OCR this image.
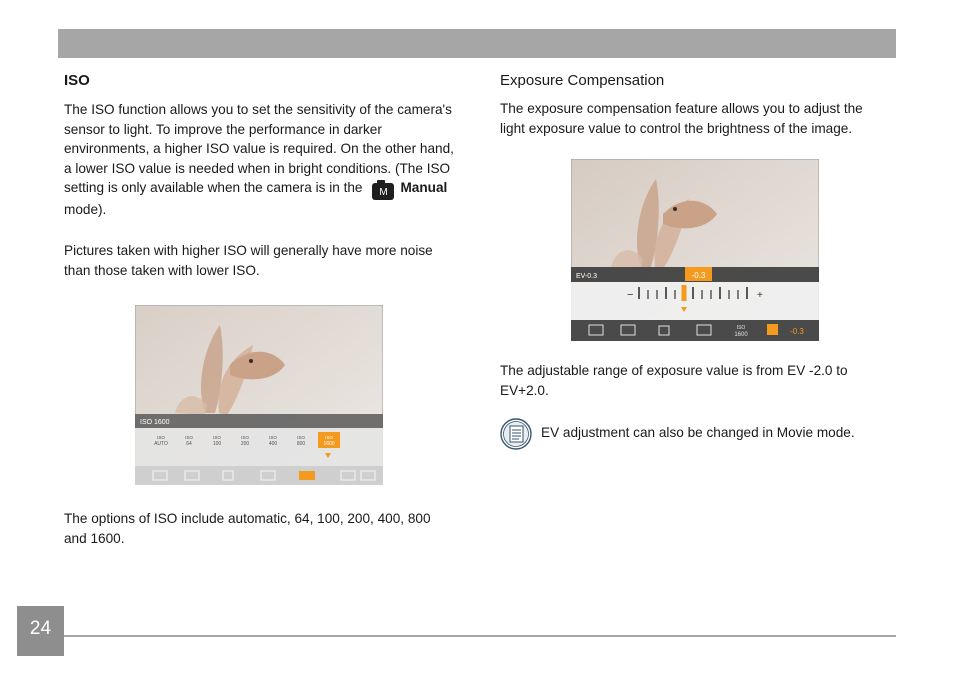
ISO

The ISO function allows you to set the sensitivity of the camera's sensor to light. To improve the performance in darker environments, a higher ISO value is required. On the other hand, a lower ISO value is needed when in bright conditions. (The ISO setting is only available when the camera is in the M Manual mode).

Pictures taken with higher ISO will generally have more noise than those taken with lower ISO.

ISO 1600
ISO
AUTO
ISO
64
ISO
100
ISO
200
ISO
400
ISO
800
ISO
1600

The options of ISO include automatic, 64, 100, 200, 400, 800 and 1600.

Exposure Compensation

The exposure compensation feature allows you to adjust the light exposure value to control the brightness of the image.

EV-0.3	-0.3
−	+
ISO
1600	-0.3

The adjustable range of exposure value is from EV -2.0 to EV+2.0.

EV adjustment can also be changed in Movie mode.
24
